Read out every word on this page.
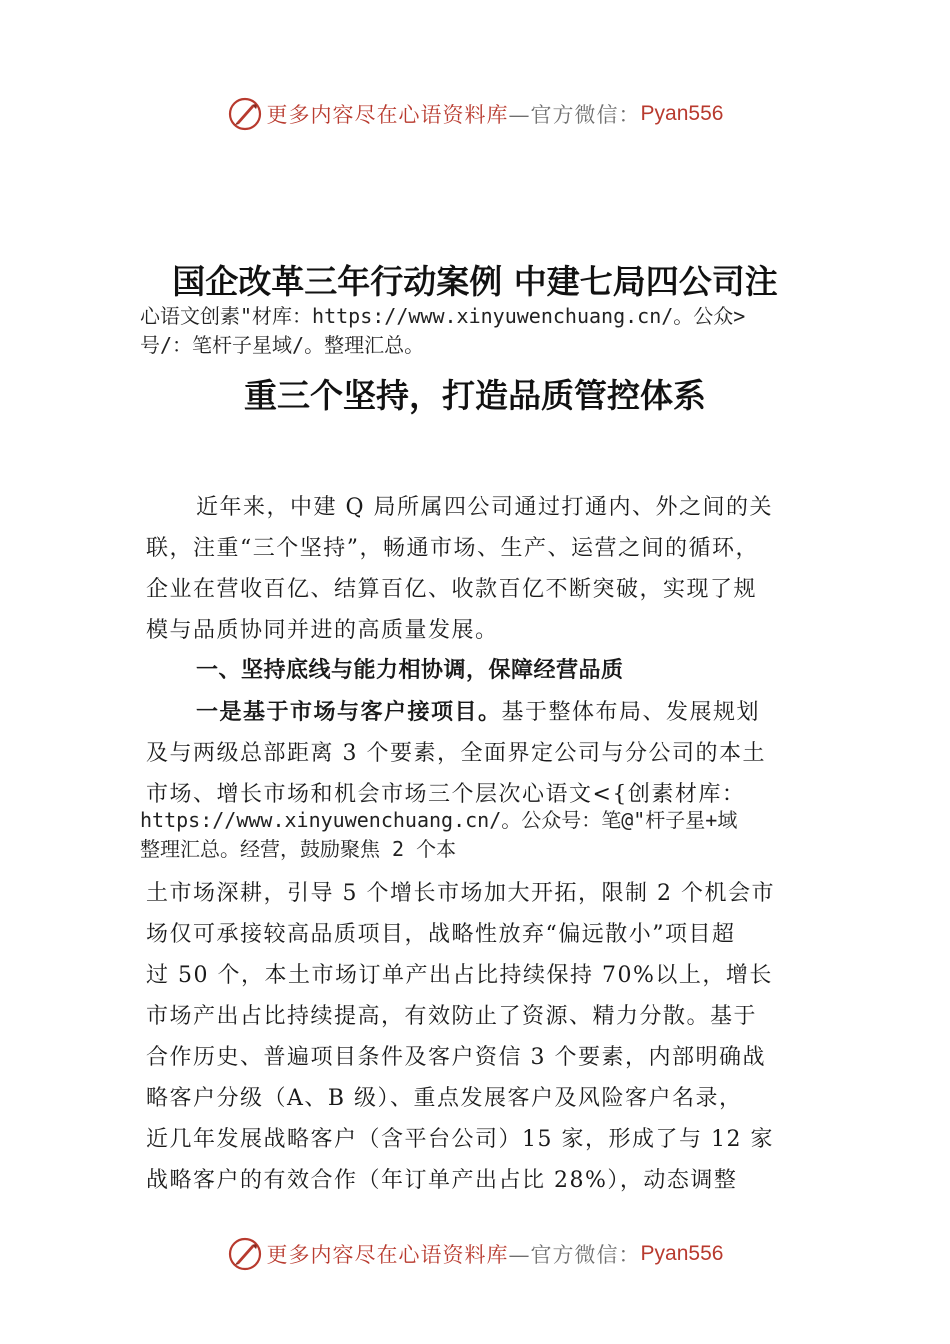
更多内容尽在心语资料库 —官方微信： Pyan556
国企改革三年行动案例 中建七局四公司注
心语文创素"材库：https://www.xinyuwenchuang.cn/。公众>
号/：笔杆子星域/。整理汇总。
重三个坚持，打造品质管控体系
近年来，中建 Q 局所属四公司通过打通内、外之间的关
联，注重“三个坚持”，畅通市场、生产、运营之间的循环，
企业在营收百亿、结算百亿、收款百亿不断突破，实现了规
模与品质协同并进的高质量发展。
一、坚持底线与能力相协调，保障经营品质
一是基于市场与客户接项目。基于整体布局、发展规划
及与两级总部距离 3 个要素，全面界定公司与分公司的本土
市场、增长市场和机会市场三个层次心语文<{创素材库：
https://www.xinyuwenchuang.cn/。公众号：笔@"杆子星+域
整理汇总。经营，鼓励聚焦 2 个本
土市场深耕，引导 5 个增长市场加大开拓，限制 2 个机会市
场仅可承接较高品质项目，战略性放弃“偏远散小”项目超
过 50 个，本土市场订单产出占比持续保持 70%以上，增长
市场产出占比持续提高，有效防止了资源、精力分散。基于
合作历史、普遍项目条件及客户资信 3 个要素，内部明确战
略客户分级（A、B 级）、重点发展客户及风险客户名录，
近几年发展战略客户（含平台公司）15 家，形成了与 12 家
战略客户的有效合作（年订单产出占比 28%），动态调整
更多内容尽在心语资料库 —官方微信： Pyan556
